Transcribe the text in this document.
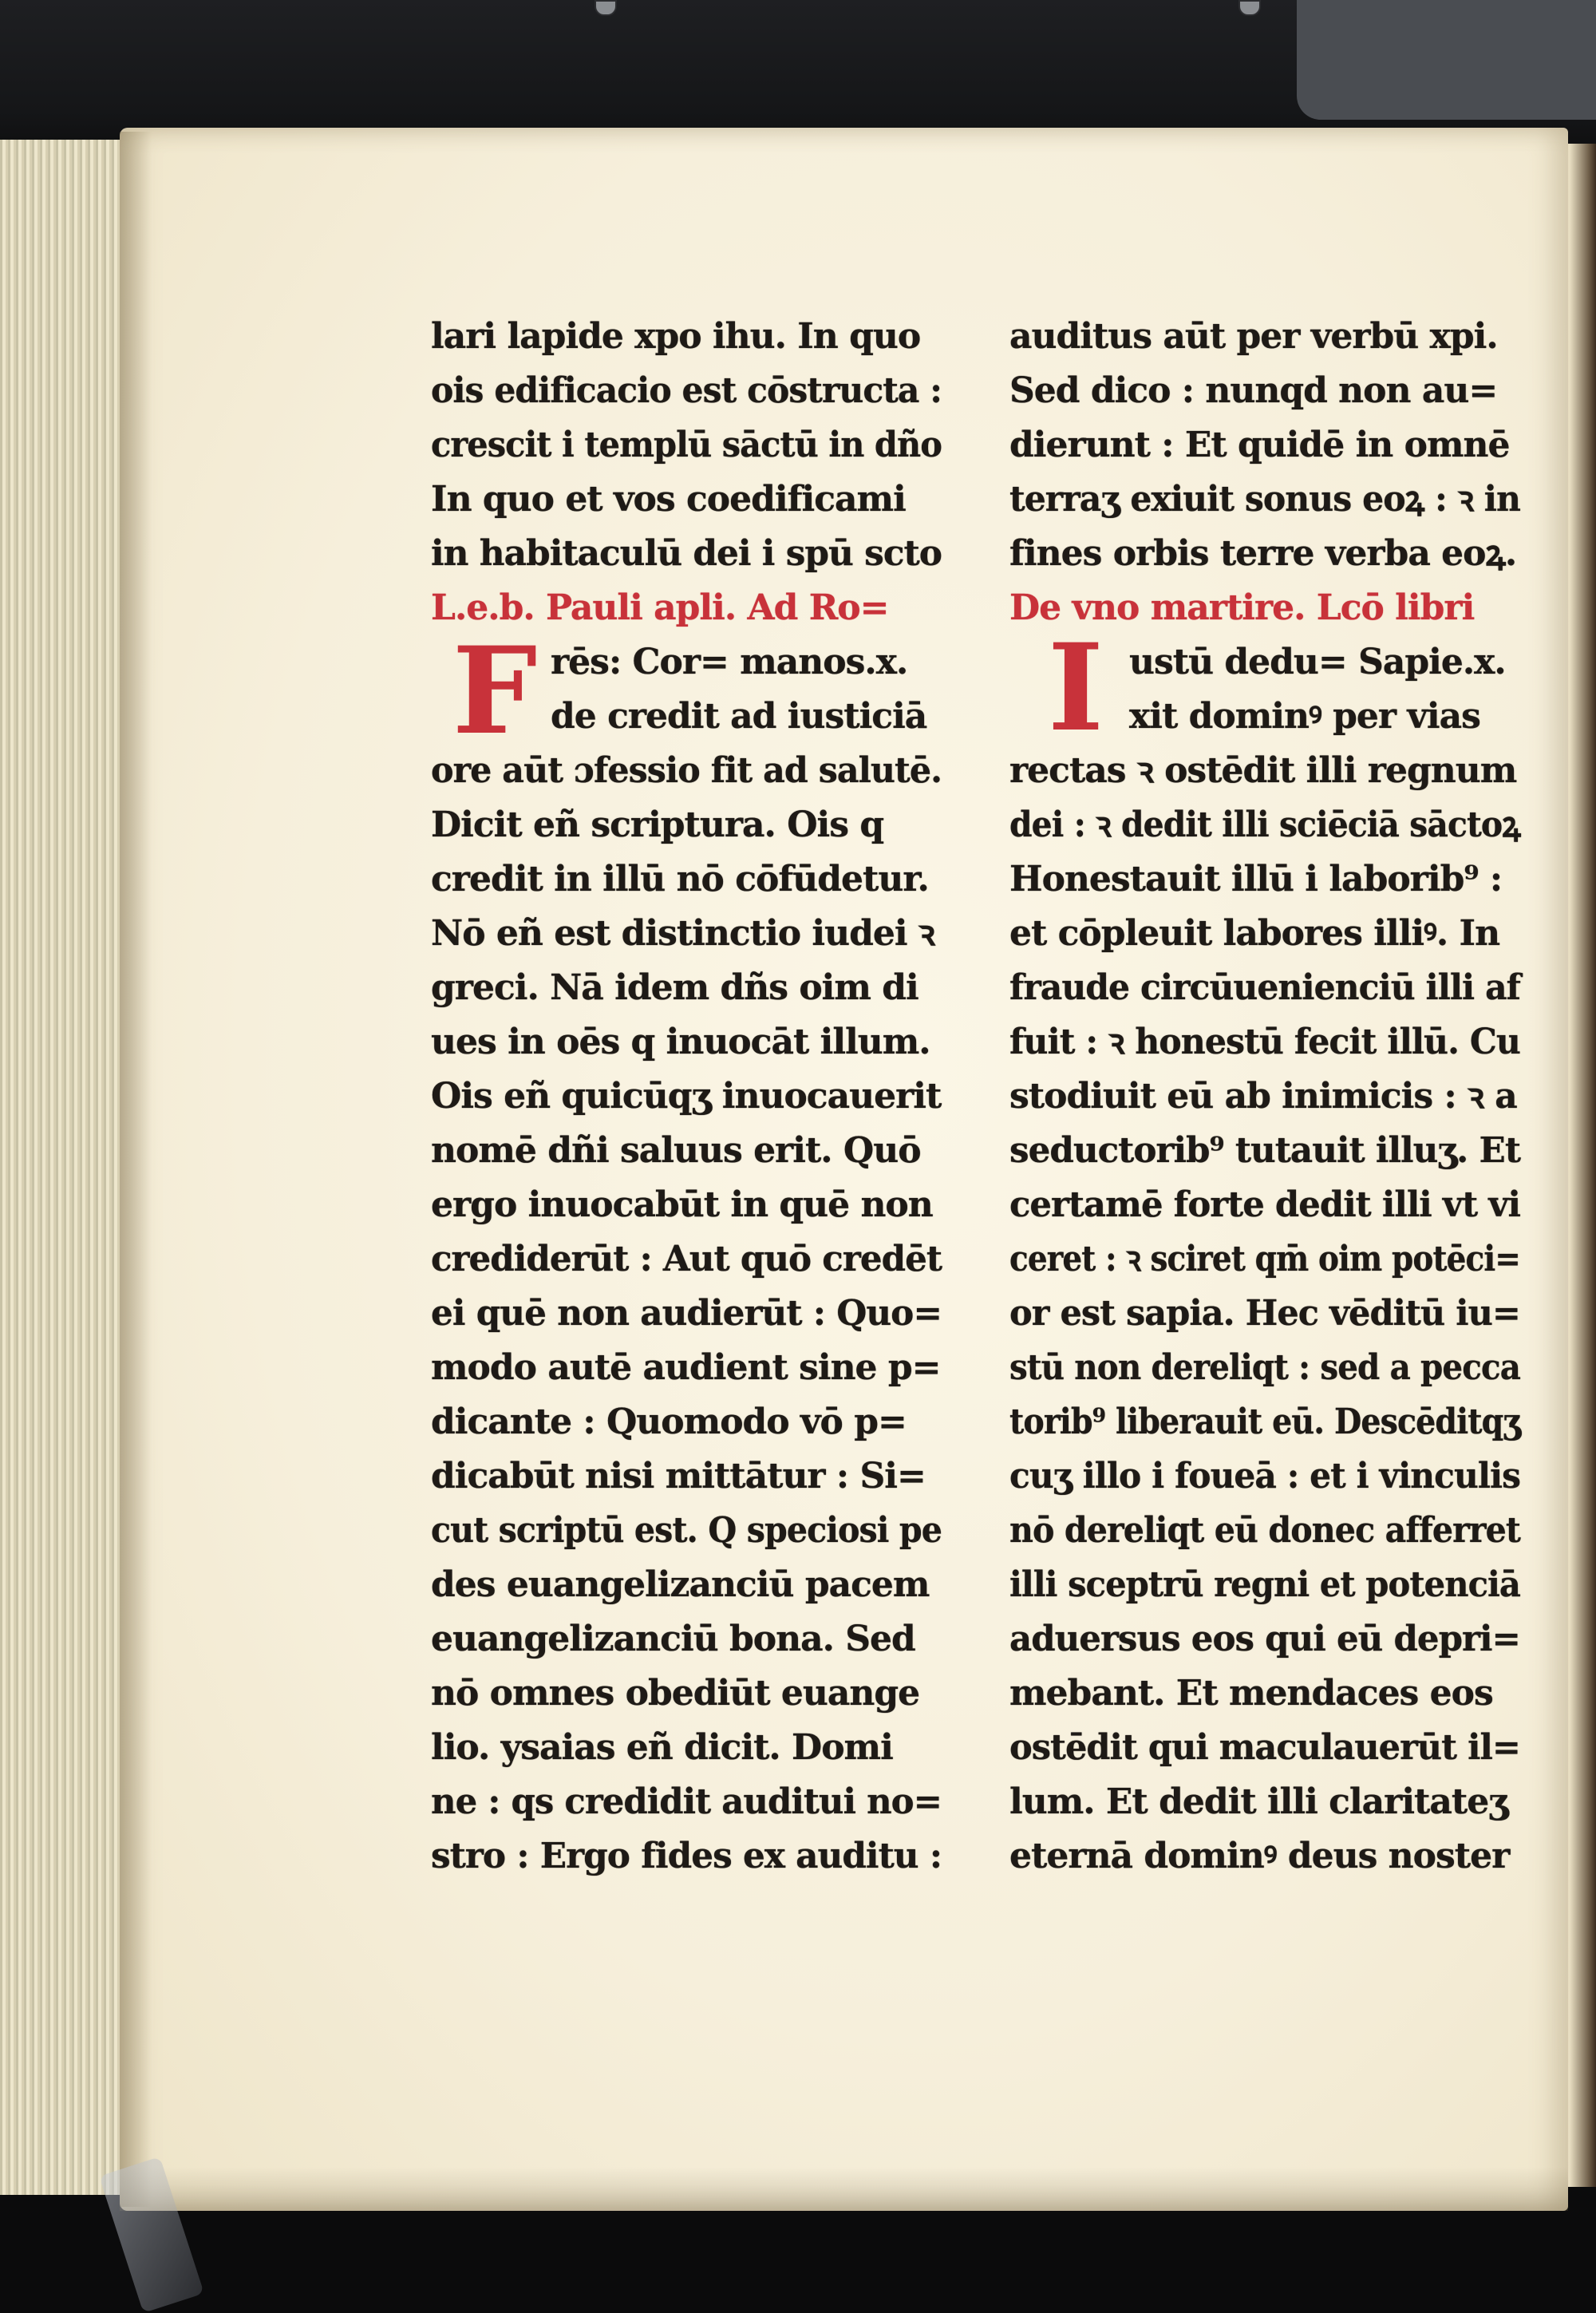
lari lapide xpo ihu. In quo
ois edificacio est cōstructa :
crescit i templū sāctū in dño
In quo et vos coedificami
in habitaculū dei i spū scto
L.e.b. Pauli apli. Ad Ro=
rēs: Cor= manos.x.
de credit ad iusticiā
ore aūt ɔfessio fit ad salutē.
Dicit eñ scriptura. Ois q
credit in illū nō cōfūdetur.
Nō eñ est distinctio iudei ꝛ
greci. Nā idem dñs oim di
ues in oēs q inuocāt illum.
Ois eñ quicūqʒ inuocauerit
nomē dñi saluus erit. Quō
ergo inuocabūt in quē non
crediderūt : Aut quō credēt
ei quē non audierūt : Quo=
modo autē audient sine p=
dicante : Quomodo vō p=
dicabūt nisi mittātur : Si=
cut scriptū est. Q speciosi pe
des euangelizanciū pacem
euangelizanciū bona. Sed
nō omnes obediūt euange
lio. ysaias eñ dicit. Domi
ne : qs credidit auditui no=
stro : Ergo fides ex auditu :
F
auditus aūt per verbū xpi.
Sed dico : nunqd non au=
dierunt : Et quidē in omnē
terraʒ exiuit sonus eoꝝ : ꝛ in
fines orbis terre verba eoꝝ.
De vno martire. Lcō libri
ustū dedu= Sapie.x.
xit dominꝰ per vias
rectas ꝛ ostēdit illi regnum
dei : ꝛ dedit illi sciēciā sāctoꝝ
Honestauit illū i laborib⁹ :
et cōpleuit labores illiꝰ. In
fraude circūuenienciū illi af
fuit : ꝛ honestū fecit illū. Cu
stodiuit eū ab inimicis : ꝛ a
seductorib⁹ tutauit illuʒ. Et
certamē forte dedit illi vt vi
ceret : ꝛ sciret qm̄ oim potēci=
or est sapia. Hec vēditū iu=
stū non dereliqt : sed a pecca
torib⁹ liberauit eū. Descēditqʒ
cuʒ illo i foueā : et i vinculis
nō dereliqt eū donec afferret
illi sceptrū regni et potenciā
aduersus eos qui eū depri=
mebant. Et mendaces eos
ostēdit qui maculauerūt il=
lum. Et dedit illi claritateʒ
eternā dominꝰ deus noster
I
